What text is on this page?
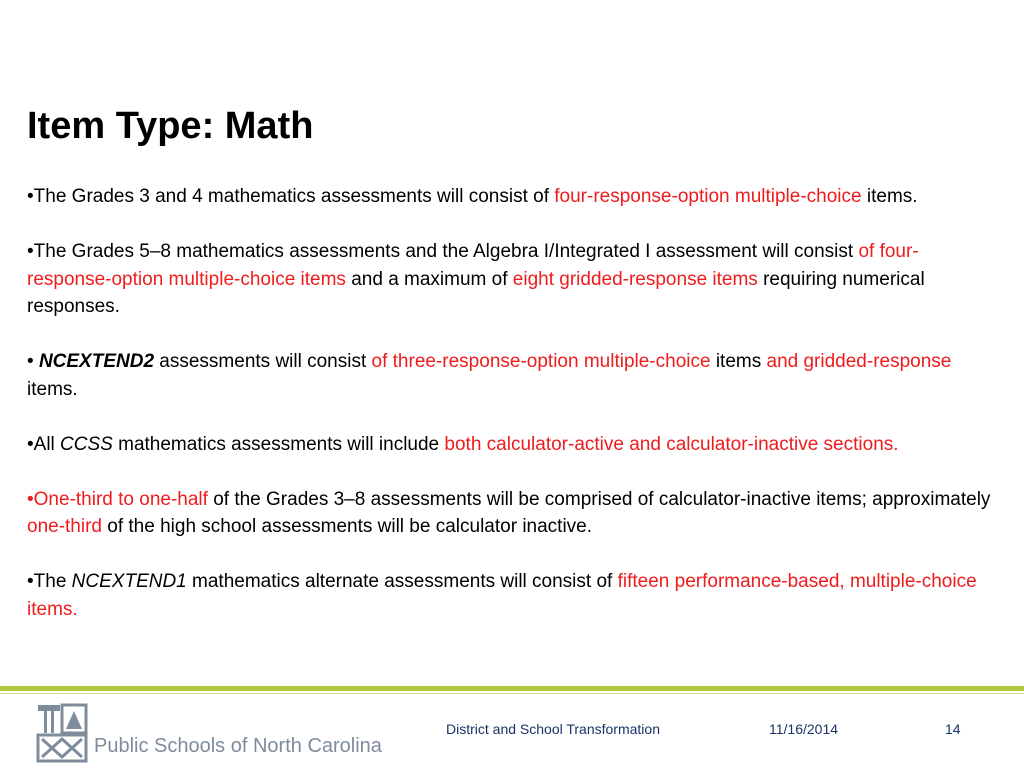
Item Type: Math

•The Grades 3 and 4 mathematics assessments will consist of four-response-option multiple-choice items.

•The Grades 5–8 mathematics assessments and the Algebra I/Integrated I assessment will consist of four-response-option multiple-choice items and a maximum of eight gridded-response items requiring numerical responses.

• NCEXTEND2 assessments will consist of three-response-option multiple-choice items and gridded-response items.

•All CCSS mathematics assessments will include both calculator-active and calculator-inactive sections.

•One-third to one-half of the Grades 3–8 assessments will be comprised of calculator-inactive items; approximately one-third of the high school assessments will be calculator inactive.

•The NCEXTEND1 mathematics alternate assessments will consist of fifteen performance-based, multiple-choice items.

Public Schools of North Carolina
District and School Transformation	11/16/2014	14
